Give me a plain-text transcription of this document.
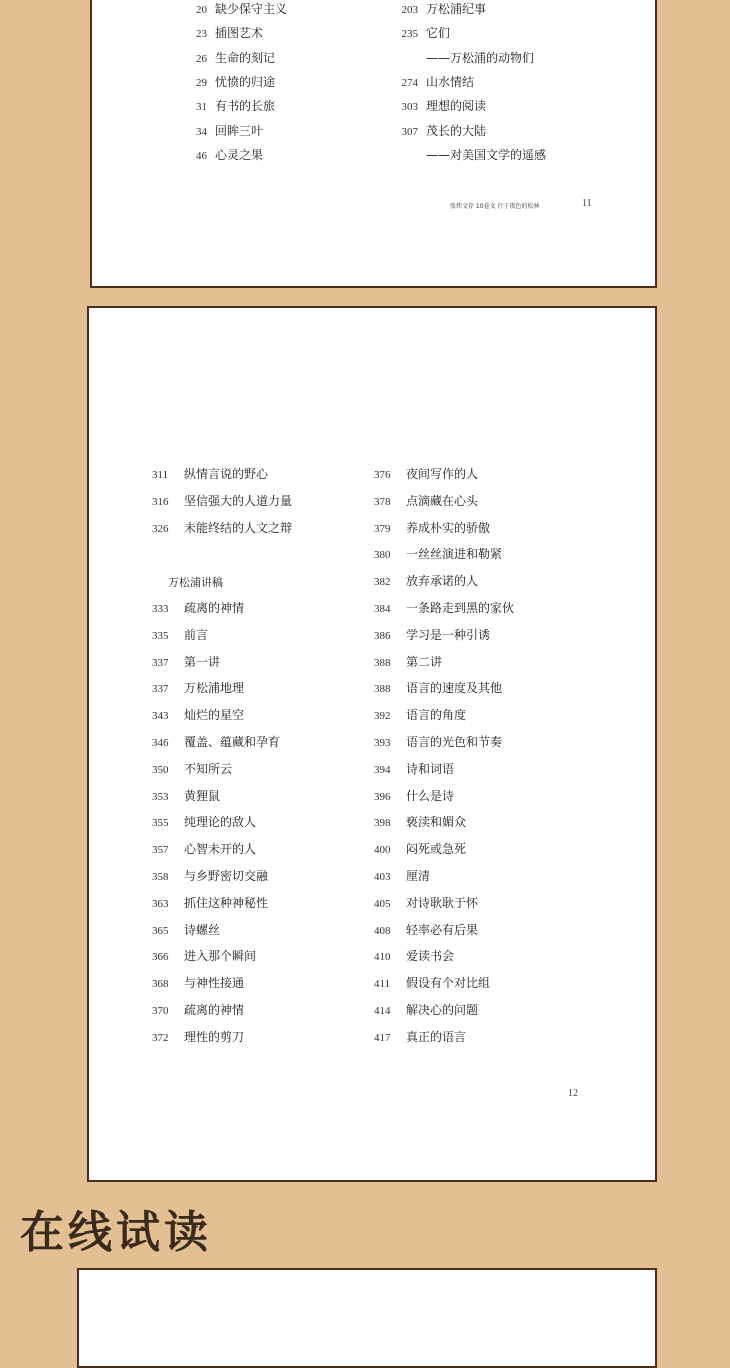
20 缺少保守主义
23 插图艺术
26 生命的刻记
29 忧愤的归途
31 有书的长旅
34 回眸三叶
46 心灵之果
203 万松浦纪事
235 它们
——万松浦的动物们
274 山水情结
303 理想的阅读
307 茂长的大陆
——对美国文学的遥感
张炜文存 10卷文 行于夜色的松林	11
311 纵情言说的野心
316 坚信强大的人道力量
326 未能终结的人文之辩
万松浦讲稿
333 疏离的神情
335 前言
337 第一讲
337 万松浦地理
343 灿烂的星空
346 覆盖、蕴藏和孕育
350 不知所云
353 黄狸鼠
355 纯理论的敌人
357 心智未开的人
358 与乡野密切交融
363 抓住这种神秘性
365 诗螺丝
366 进入那个瞬间
368 与神性接通
370 疏离的神情
372 理性的剪刀
376 夜间写作的人
378 点滴藏在心头
379 养成朴实的骄傲
380 一丝丝演进和勒紧
382 放弃承诺的人
384 一条路走到黑的家伙
386 学习是一种引诱
388 第二讲
388 语言的速度及其他
392 语言的角度
393 语言的光色和节奏
394 诗和词语
396 什么是诗
398 亵渎和媚众
400 闷死或急死
403 厘清
405 对诗耿耿于怀
408 轻率必有后果
410 爱读书会
411 假设有个对比组
414 解决心的问题
417 真正的语言
12
在线试读
